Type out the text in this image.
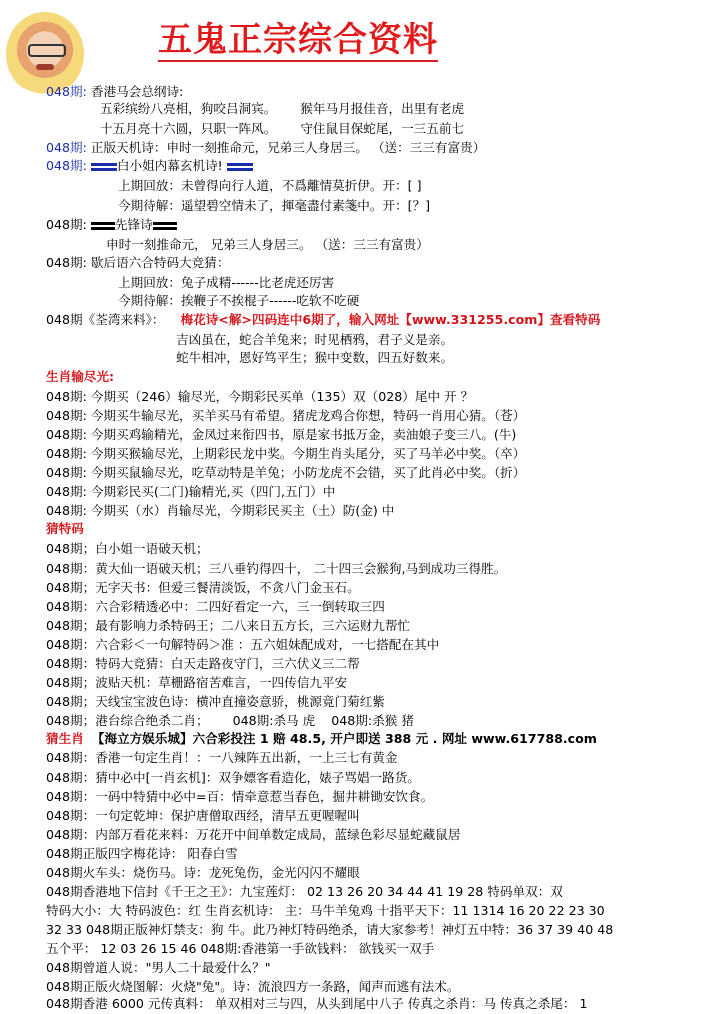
五鬼正宗综合资料
048期: 香港马会总纲诗:
五彩缤纷八亮相，狗咬吕洞宾。 猴年马月报佳音，出里有老虎
十五月亮十六圆，只职一阵风。 守住鼠目保蛇尾，一三五前七
048期: 正版天机诗：申时一刻推命元，兄弟三人身居三。 （送：三三有富贵）
048期: 白小姐内幕玄机诗!
上期回放：未曾得向行人道，不爲離情莫折伊。开：[ ]
今期待解：遥望碧空情未了，揮毫盡付素箋中。开：[？]
048期: 先锋诗
申时一刻推命元， 兄弟三人身居三。 （送：三三有富贵）
048期: 歇后语六合特码大竞猜：
上期回放：兔子成精------比老虎还厉害
今期待解：挨鞭子不挨棍子------吃软不吃硬
048期《荃湾来料》： 梅花诗<解>四码连中6期了，输入网址【www.331255.com】查看特码
吉凶虽在，蛇合羊兔来；时见栖鸦，君子义是亲。
蛇牛相冲，恩好笃平生；猴中变数，四五好数来。
生肖输尽光:
048期: 今期买（246）输尽光，今期彩民买单（135）双（028）尾中 开 ？
048期: 今期买牛输尽光，买羊买马有希望。猪虎龙鸡合你想，特码一肖用心猜。（苍）
048期: 今期买鸡输精光，金凤过来衔四书，原是家书抵万金，卖油娘子变三八。(牛)
048期: 今期买猴输尽光，上期彩民龙中奖。今期生肖头尾分，买了马羊必中奖。（卒）
048期: 今期买鼠输尽光，吃草动特是羊兔；小防龙虎不会错，买了此肖必中奖。（折）
048期: 今期彩民买(二门)输精光,买（四门,五门）中
048期: 今期买（水）肖输尽光，今期彩民买主（土）防(金) 中
猜特码
048期；白小姐一语破天机；
048期：黄大仙一语破天机；三八垂钓得四十， 二十四三会猴狗,马到成功三得胜。
048期；无字天书：但爱三餐清淡饭，不贪八门金玉石。
048期：六合彩精透必中：二四好看定一六，三一倒转取三四
048期；最有影响力杀特码王；二八来日五方长，三六运财九帮忙
048期：六合彩＜一句解特码＞准 ：五六姐妹配成对，一七搭配在其中
048期：特码大竞猜：白天走路夜守门，三六伏义三二帮
048期；波贴天机：草栅路宿苦难言，一四传信九平安
048期；天线宝宝波色诗：横冲直撞姿意骄，桃源竟门菊红紫
048期；港台综合绝杀二肖； 048期:杀马 虎 048期:杀猴 猪
猜生肖 【海立方娱乐城】六合彩投注 1 赔 48.5, 开户即送 388 元 . 网址 www.617788.com
048期：香港一句定生肖！：一八辣阵五出新，一上三七有黄金
048期：猜中必中[一肖玄机]：双争嫖客看造化，婊子骂娼一路货。
048期：一码中特猜中必中=百：情牵意惹当春色，掘井耕锄安饮食。
048期：一句定乾坤：保护唐僧取西经，清早五更喔喔叫
048期：内部万看花来料：万花开中间单数定成局，蓝绿色彩尽显蛇藏鼠居
048期正版四字梅花诗： 阳春白雪
048期火车头：烧伤马。诗：龙死兔伤，金光闪闪不耀眼
048期香港地下信封《千王之王》：九宝莲灯： 02 13 26 20 34 44 41 19 28 特码单双：双
特码大小：大 特码波色：红 生肖玄机诗： 主：马牛羊兔鸡 十指平天下：11 1314 16 20 22 23 30
32 33 048期正版神灯禁支：狗 牛。此乃神灯特码绝杀，请大家参考！神灯五中特：36 37 39 40 48
五个平： 12 03 26 15 46 048期:香港第一手欲钱料： 欲钱买一双手
048期曾道人说："男人二十最爱什么？"
048期正版火烧图解：火烧"兔"。诗：流浪四方一条路，闻声而逃有法术。
048期香港 6000 元传真料： 单双相对三与四，从头到尾中八子 传真之杀肖：马 传真之杀尾： 1
